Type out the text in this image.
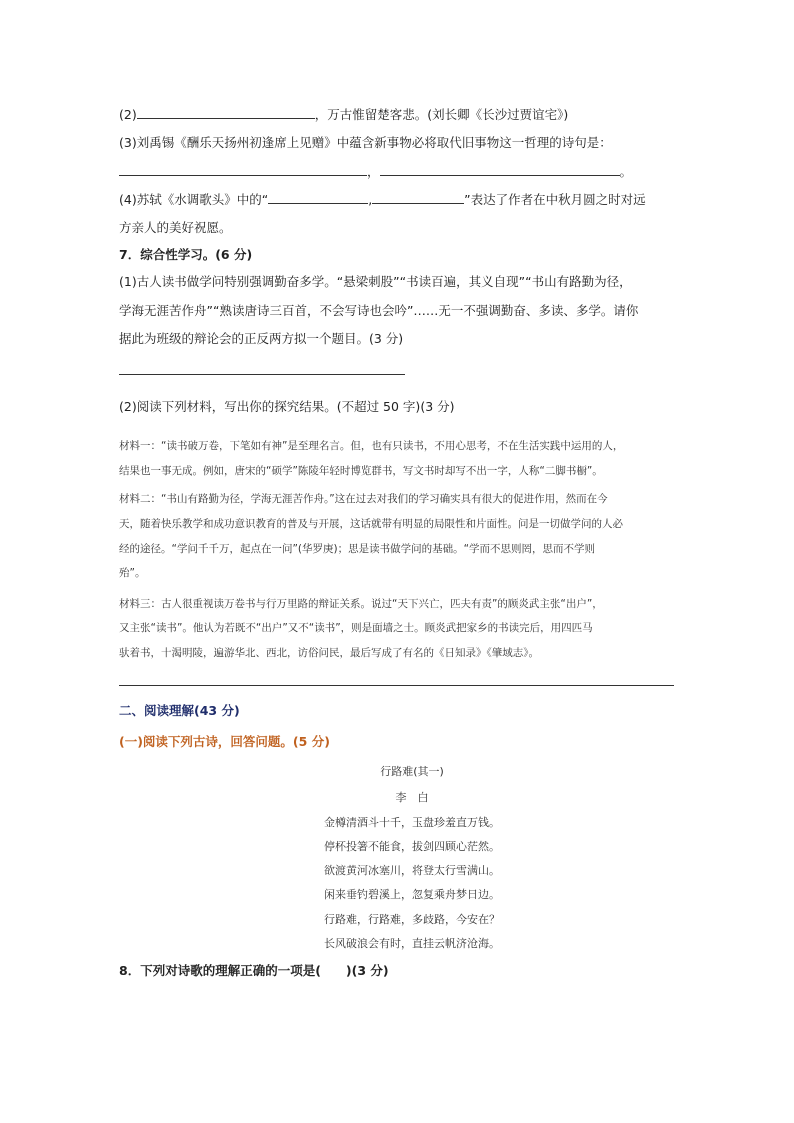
(2)	，万古惟留楚客悲。(刘长卿《长沙过贾谊宅》)
(3)刘禹锡《酬乐天扬州初逢席上见赠》中蕴含新事物必将取代旧事物这一哲理的诗句是：
，	。
(4)苏轼《水调歌头》中的“	,	”表达了作者在中秋月圆之时对远
方亲人的美好祝愿。
7．综合性学习。(6 分)
(1)古人读书做学问特别强调勤奋多学。“悬梁刺股”“书读百遍，其义自现”“书山有路勤为径，
学海无涯苦作舟”“熟读唐诗三百首，不会写诗也会吟”……无一不强调勤奋、多读、多学。请你
据此为班级的辩论会的正反两方拟一个题目。(3 分)
(2)阅读下列材料，写出你的探究结果。(不超过 50 字)(3 分)
材料一：“读书破万卷，下笔如有神”是至理名言。但，也有只读书，不用心思考，不在生活实践中运用的人，
结果也一事无成。例如，唐宋的“硕学”陈陵年轻时博览群书，写文书时却写不出一字，人称“二脚书橱”。
材料二：“书山有路勤为径，学海无涯苦作舟。”这在过去对我们的学习确实具有很大的促进作用，然而在今
天，随着快乐教学和成功意识教育的普及与开展，这话就带有明显的局限性和片面性。问是一切做学问的人必
经的途径。“学问千千万，起点在一问”(华罗庚)；思是读书做学问的基础。“学而不思则罔，思而不学则
殆”。
材料三：古人很重视读万卷书与行万里路的辩证关系。说过“天下兴亡，匹夫有责”的顾炎武主张“出户”，
又主张“读书”。他认为若既不“出户”又不“读书”，则是面墙之士。顾炎武把家乡的书读完后，用四匹马
驮着书，十渴明陵，遍游华北、西北，访俗问民，最后写成了有名的《日知录》《肇域志》。
二、阅读理解(43 分)
(一)阅读下列古诗，回答问题。(5 分)
行路难(其一)
李　白
金樽清酒斗十千，玉盘珍羞直万钱。
停杯投箸不能食，拔剑四顾心茫然。
欲渡黄河冰塞川，将登太行雪满山。
闲来垂钓碧溪上，忽复乘舟梦日边。
行路难，行路难，多歧路，今安在？
长风破浪会有时，直挂云帆济沧海。
8．下列对诗歌的理解正确的一项是(　　)(3 分)
